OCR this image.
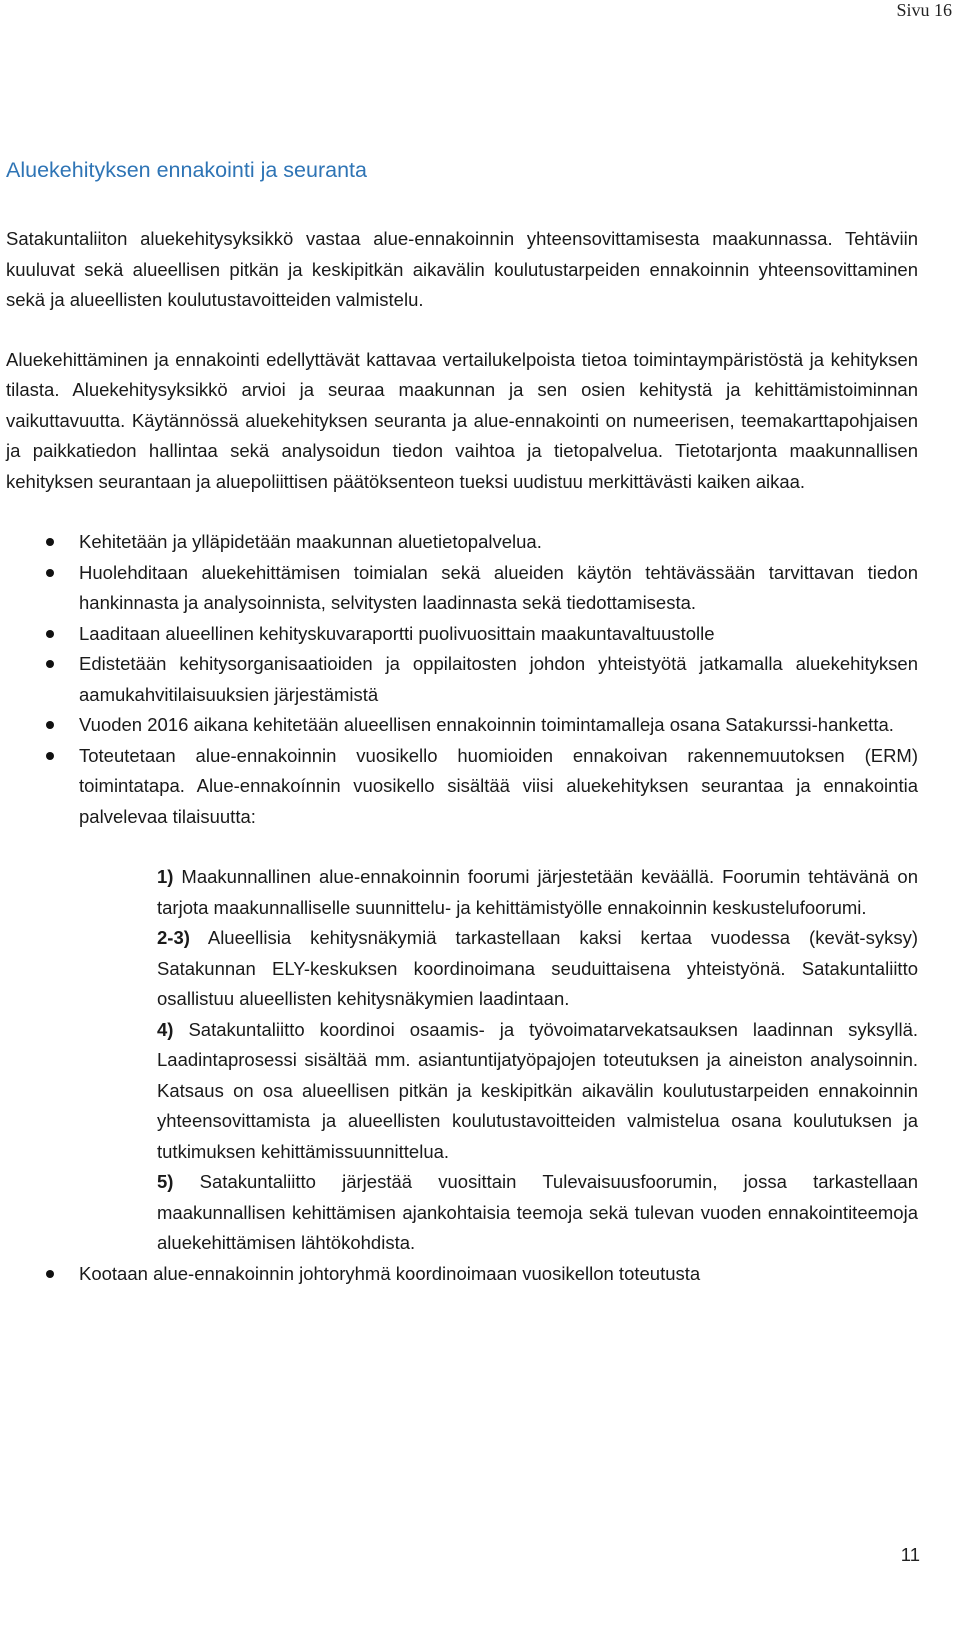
Sivu 16
Aluekehityksen ennakointi ja seuranta

Satakuntaliiton aluekehitysyksikkö vastaa alue-ennakoinnin yhteensovittamisesta maakunnassa. Tehtäviin kuuluvat sekä alueellisen pitkän ja keskipitkän aikavälin koulutustarpeiden ennakoinnin yhteensovittaminen sekä ja alueellisten koulutustavoitteiden valmistelu.

Aluekehittäminen ja ennakointi edellyttävät kattavaa vertailukelpoista tietoa toimintaympäristöstä ja kehityksen tilasta. Aluekehitysyksikkö arvioi ja seuraa maakunnan ja sen osien kehitystä ja kehittämistoiminnan vaikuttavuutta. Käytännössä aluekehityksen seuranta ja alue-ennakointi on numeerisen, teemakarttapohjaisen ja paikkatiedon hallintaa sekä analysoidun tiedon vaihtoa ja tietopalvelua. Tietotarjonta maakunnallisen kehityksen seurantaan ja aluepoliittisen päätöksenteon tueksi uudistuu merkittävästi kaiken aikaa.

Kehitetään ja ylläpidetään maakunnan aluetietopalvelua.
Huolehditaan aluekehittämisen toimialan sekä alueiden käytön tehtävässään tarvittavan tiedon hankinnasta ja analysoinnista, selvitysten laadinnasta sekä tiedottamisesta.
Laaditaan alueellinen kehityskuvaraportti puolivuosittain maakuntavaltuustolle
Edistetään kehitysorganisaatioiden ja oppilaitosten johdon yhteistyötä jatkamalla aluekehityksen aamukahvitilaisuuksien järjestämistä
Vuoden 2016 aikana kehitetään alueellisen ennakoinnin toimintamalleja osana Satakurssi-hanketta.
Toteutetaan alue-ennakoinnin vuosikello huomioiden ennakoivan rakennemuutoksen (ERM) toimintatapa. Alue-ennakoínnin vuosikello sisältää viisi aluekehityksen seurantaa ja ennakointia palvelevaa tilaisuutta:

1) Maakunnallinen alue-ennakoinnin foorumi järjestetään keväällä. Foorumin tehtävänä on tarjota maakunnalliselle suunnittelu- ja kehittämistyölle ennakoinnin keskustelufoorumi.

2-3) Alueellisia kehitysnäkymiä tarkastellaan kaksi kertaa vuodessa (kevät-syksy) Satakunnan ELY-keskuksen koordinoimana seuduittaisena yhteistyönä. Satakuntaliitto osallistuu alueellisten kehitysnäkymien laadintaan.

4) Satakuntaliitto koordinoi osaamis- ja työvoimatarvekatsauksen laadinnan syksyllä. Laadintaprosessi sisältää mm. asiantuntijatyöpajojen toteutuksen ja aineiston analysoinnin. Katsaus on osa alueellisen pitkän ja keskipitkän aikavälin koulutustarpeiden ennakoinnin yhteensovittamista ja alueellisten koulutustavoitteiden valmistelua osana koulutuksen ja tutkimuksen kehittämissuunnittelua.

5) Satakuntaliitto järjestää vuosittain Tulevaisuusfoorumin, jossa tarkastellaan maakunnallisen kehittämisen ajankohtaisia teemoja sekä tulevan vuoden ennakointiteemoja aluekehittämisen lähtökohdista.

Kootaan alue-ennakoinnin johtoryhmä koordinoimaan vuosikellon toteutusta
11
